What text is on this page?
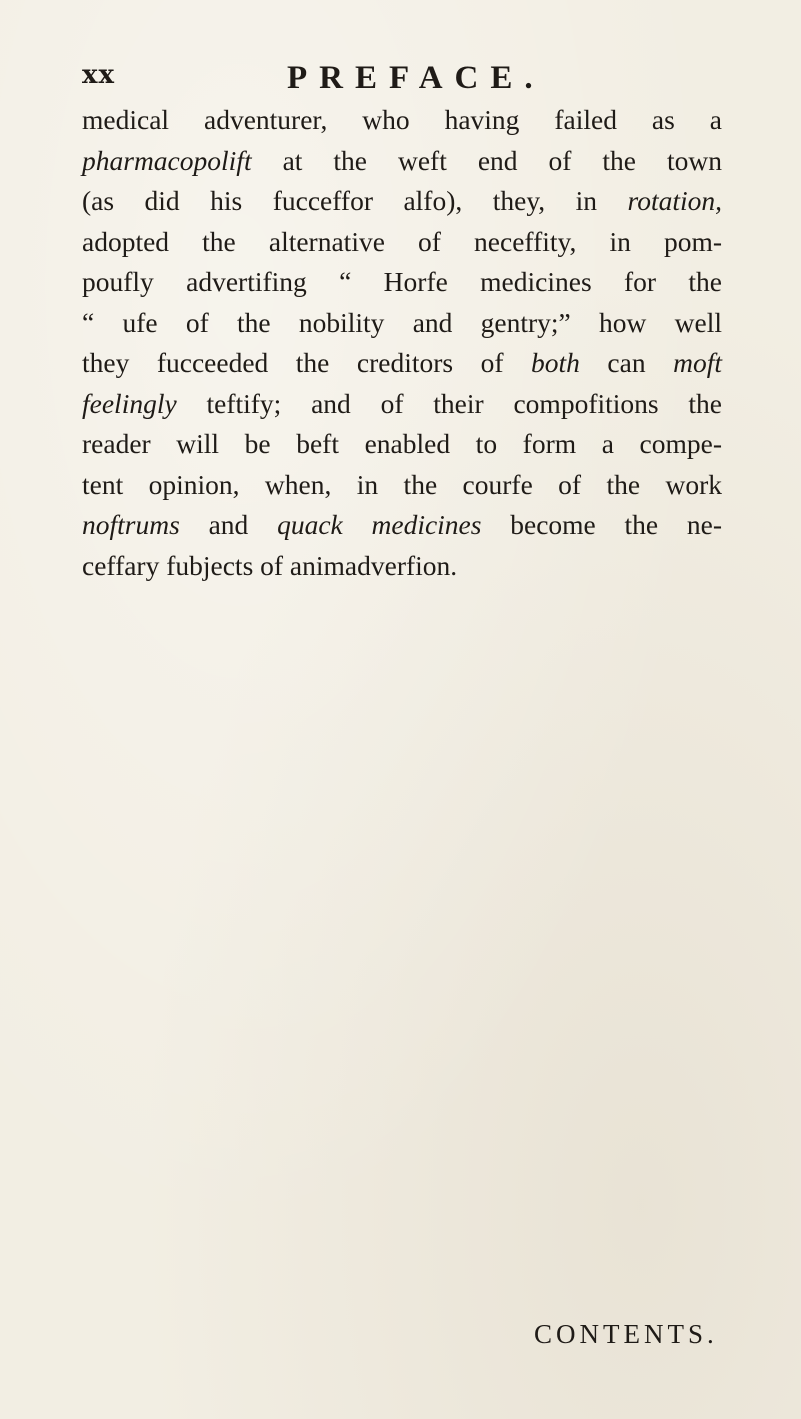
xx	PREFACE.
medical adventurer, who having failed as a
pharmacopolift at the weft end of the town
(as did his fucceffor alfo), they, in rotation,
adopted the alternative of neceffity, in pom-
poufly advertifing “ Horfe medicines for the
“ ufe of the nobility and gentry;” how well
they fucceeded the creditors of both can moft
feelingly teftify; and of their compofitions the
reader will be beft enabled to form a compe-
tent opinion, when, in the courfe of the work
noftrums and quack medicines become the ne-
ceffary fubjects of animadverfion.
CONTENTS.
